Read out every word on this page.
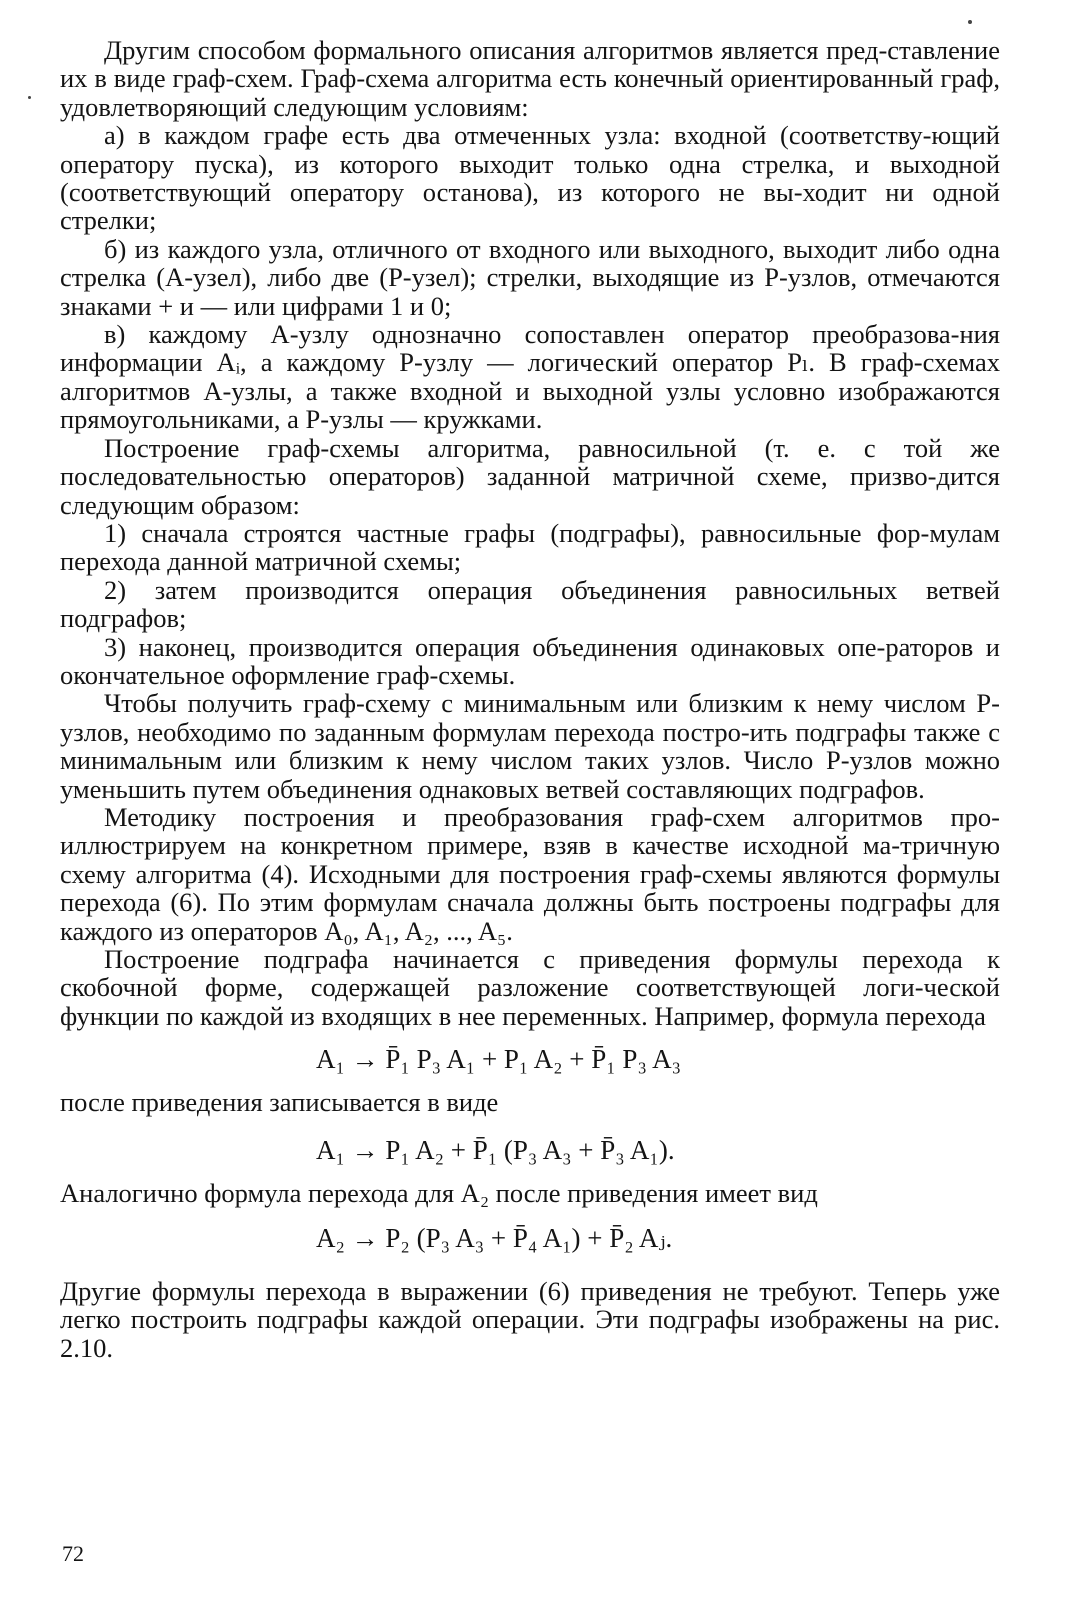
Другим способом формального описания алгоритмов является пред-ставление их в виде граф-схем. Граф-схема алгоритма есть конечный ориентированный граф, удовлетворяющий следующим условиям:

а) в каждом графе есть два отмеченных узла: входной (соответству-ющий оператору пуска), из которого выходит только одна стрелка, и выходной (соответствующий оператору останова), из которого не вы-ходит ни одной стрелки;

б) из каждого узла, отличного от входного или выходного, выходит либо одна стрелка (А-узел), либо две (Р-узел); стрелки, выходящие из Р-узлов, отмечаются знаками + и — или цифрами 1 и 0;

в) каждому А-узлу однозначно сопоставлен оператор преобразова-ния информации Aᵢ, а каждому Р-узлу — логический оператор Pₗ. В граф-схемах алгоритмов А-узлы, а также входной и выходной узлы условно изображаются прямоугольниками, а Р-узлы — кружками.

Построение граф-схемы алгоритма, равносильной (т. е. с той же последовательностью операторов) заданной матричной схеме, призво-дится следующим образом:

1) сначала строятся частные графы (подграфы), равносильные фор-мулам перехода данной матричной схемы;

2) затем производится операция объединения равносильных ветвей подграфов;

3) наконец, производится операция объединения одинаковых опе-раторов и окончательное оформление граф-схемы.

Чтобы получить граф-схему с минимальным или близким к нему числом Р-узлов, необходимо по заданным формулам перехода постро-ить подграфы также с минимальным или близким к нему числом таких узлов. Число Р-узлов можно уменьшить путем объединения однаковых ветвей составляющих подграфов.

Методику построения и преобразования граф-схем алгоритмов про-иллюстрируем на конкретном примере, взяв в качестве исходной ма-тричную схему алгоритма (4). Исходными для построения граф-схемы являются формулы перехода (6). По этим формулам сначала должны быть построены подграфы для каждого из операторов A₀, A₁, A₂, ..., A₅.

Построение подграфа начинается с приведения формулы перехода к скобочной форме, содержащей разложение соответствующей логи-ческой функции по каждой из входящих в нее переменных. Например, формула перехода

A₁ → P̄₁ P₃ A₁ + P₁ A₂ + P̄₁ P₃ A₃

после приведения записывается в виде

A₁ → P₁ A₂ + P̄₁ (P₃ A₃ + P̄₃ A₁).

Аналогично формула перехода для A₂ после приведения имеет вид

A₂ → P₂ (P₃ A₃ + P̄₄ A₁) + P̄₂ Aⱼ.

Другие формулы перехода в выражении (6) приведения не требуют. Теперь уже легко построить подграфы каждой операции. Эти подграфы изображены на рис. 2.10.

72
